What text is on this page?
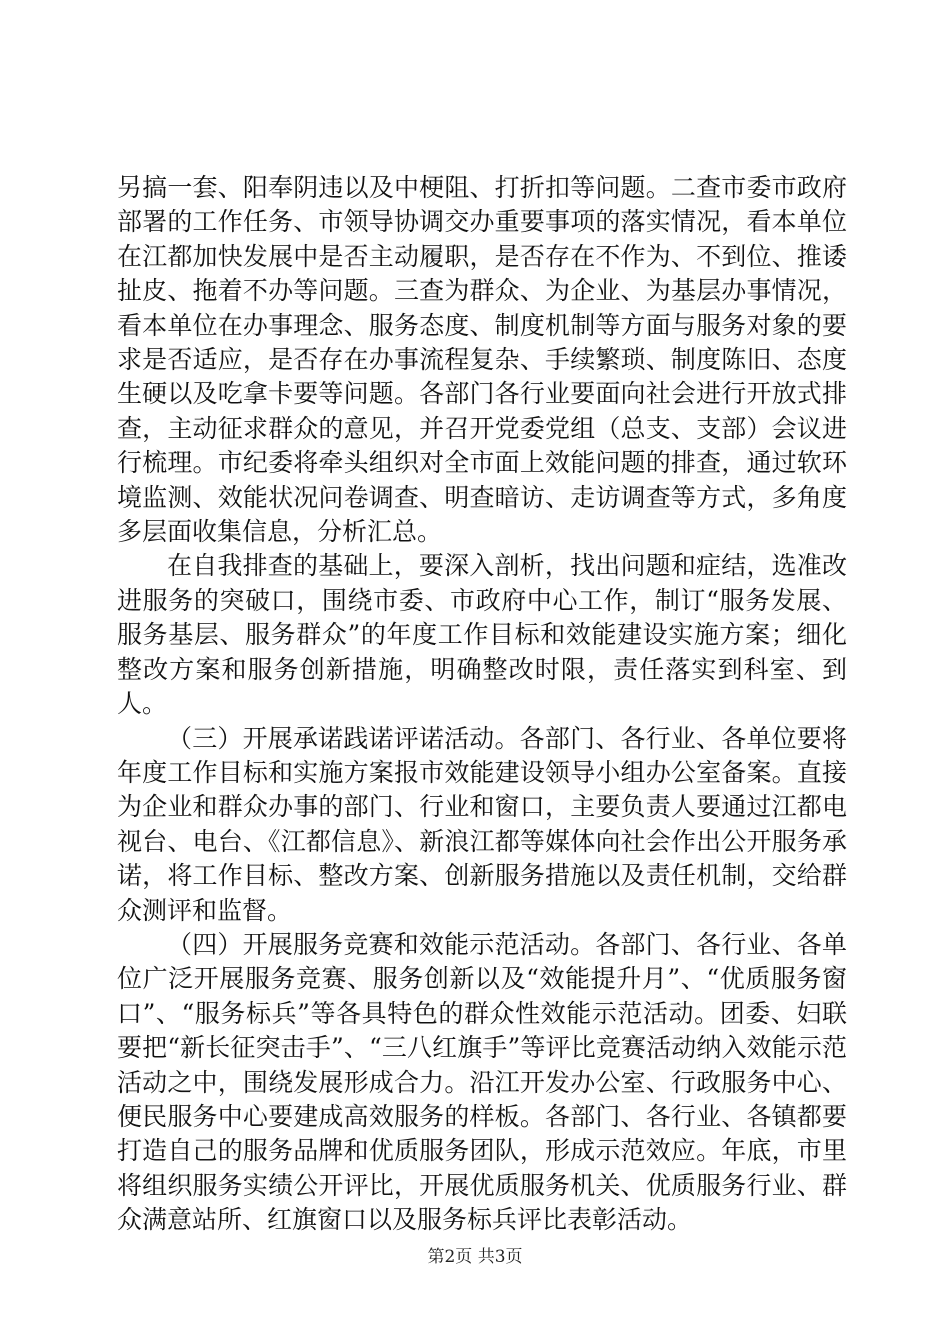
另搞一套、阳奉阴违以及中梗阻、打折扣等问题。二查市委市政府部署的工作任务、市领导协调交办重要事项的落实情况，看本单位在江都加快发展中是否主动履职，是否存在不作为、不到位、推诿扯皮、拖着不办等问题。三查为群众、为企业、为基层办事情况，看本单位在办事理念、服务态度、制度机制等方面与服务对象的要求是否适应，是否存在办事流程复杂、手续繁琐、制度陈旧、态度生硬以及吃拿卡要等问题。各部门各行业要面向社会进行开放式排查，主动征求群众的意见，并召开党委党组（总支、支部）会议进行梳理。市纪委将牵头组织对全市面上效能问题的排查，通过软环境监测、效能状况问卷调查、明查暗访、走访调查等方式，多角度多层面收集信息，分析汇总。

在自我排查的基础上，要深入剖析，找出问题和症结，选准改进服务的突破口，围绕市委、市政府中心工作，制订“服务发展、服务基层、服务群众”的年度工作目标和效能建设实施方案；细化整改方案和服务创新措施，明确整改时限，责任落实到科室、到人。

（三）开展承诺践诺评诺活动。各部门、各行业、各单位要将年度工作目标和实施方案报市效能建设领导小组办公室备案。直接为企业和群众办事的部门、行业和窗口，主要负责人要通过江都电视台、电台、《江都信息》、新浪江都等媒体向社会作出公开服务承诺，将工作目标、整改方案、创新服务措施以及责任机制，交给群众测评和监督。

（四）开展服务竞赛和效能示范活动。各部门、各行业、各单位广泛开展服务竞赛、服务创新以及“效能提升月”、“优质服务窗口”、“服务标兵”等各具特色的群众性效能示范活动。团委、妇联要把“新长征突击手”、“三八红旗手”等评比竞赛活动纳入效能示范活动之中，围绕发展形成合力。沿江开发办公室、行政服务中心、便民服务中心要建成高效服务的样板。各部门、各行业、各镇都要打造自己的服务品牌和优质服务团队，形成示范效应。年底，市里将组织服务实绩公开评比，开展优质服务机关、优质服务行业、群众满意站所、红旗窗口以及服务标兵评比表彰活动。

第2页 共3页
